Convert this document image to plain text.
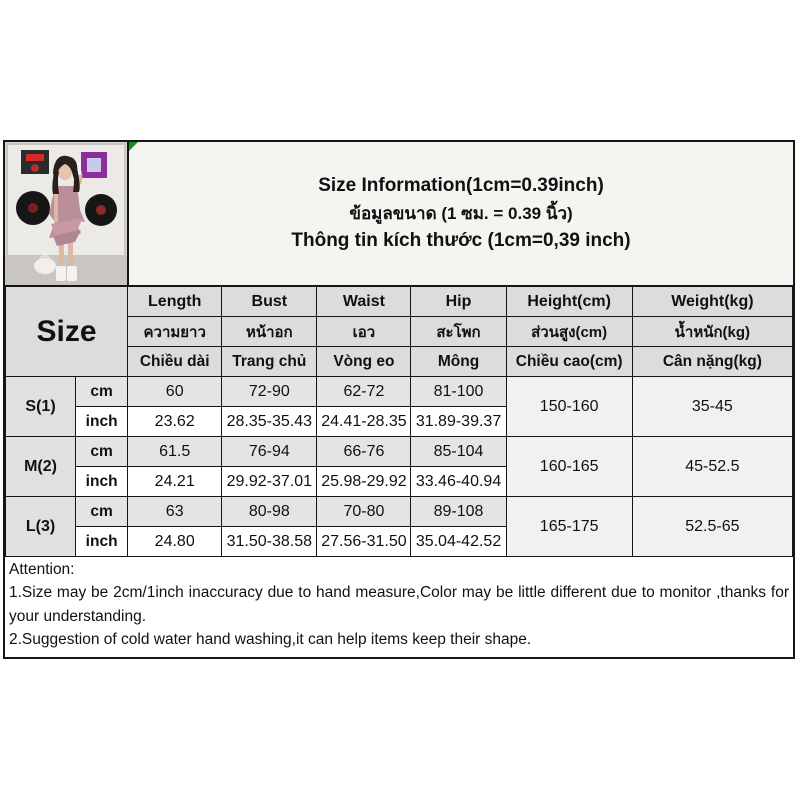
Size Information(1cm=0.39inch)
ข้อมูลขนาด (1 ซม. = 0.39 นิ้ว)
Thông tin kích thước (1cm=0,39 inch)
Size		Length	Bust	Waist	Hip	Height(cm)	Weight(kg)
		ความยาว	หน้าอก	เอว	สะโพก	ส่วนสูง(cm)	น้ำหนัก(kg)
		Chiều dài	Trang chủ	Vòng eo	Mông	Chiều cao(cm)	Cân nặng(kg)
S(1)	cm	60	72-90	62-72	81-100	150-160	35-45
	inch	23.62	28.35-35.43	24.41-28.35	31.89-39.37		
M(2)	cm	61.5	76-94	66-76	85-104	160-165	45-52.5
	inch	24.21	29.92-37.01	25.98-29.92	33.46-40.94		
L(3)	cm	63	80-98	70-80	89-108	165-175	52.5-65
	inch	24.80	31.50-38.58	27.56-31.50	35.04-42.52		
Attention:
1.Size may be 2cm/1inch inaccuracy due to hand measure,Color may be little different due to monitor ,thanks for your understanding.
2.Suggestion of cold water hand washing,it can help items keep their shape.
